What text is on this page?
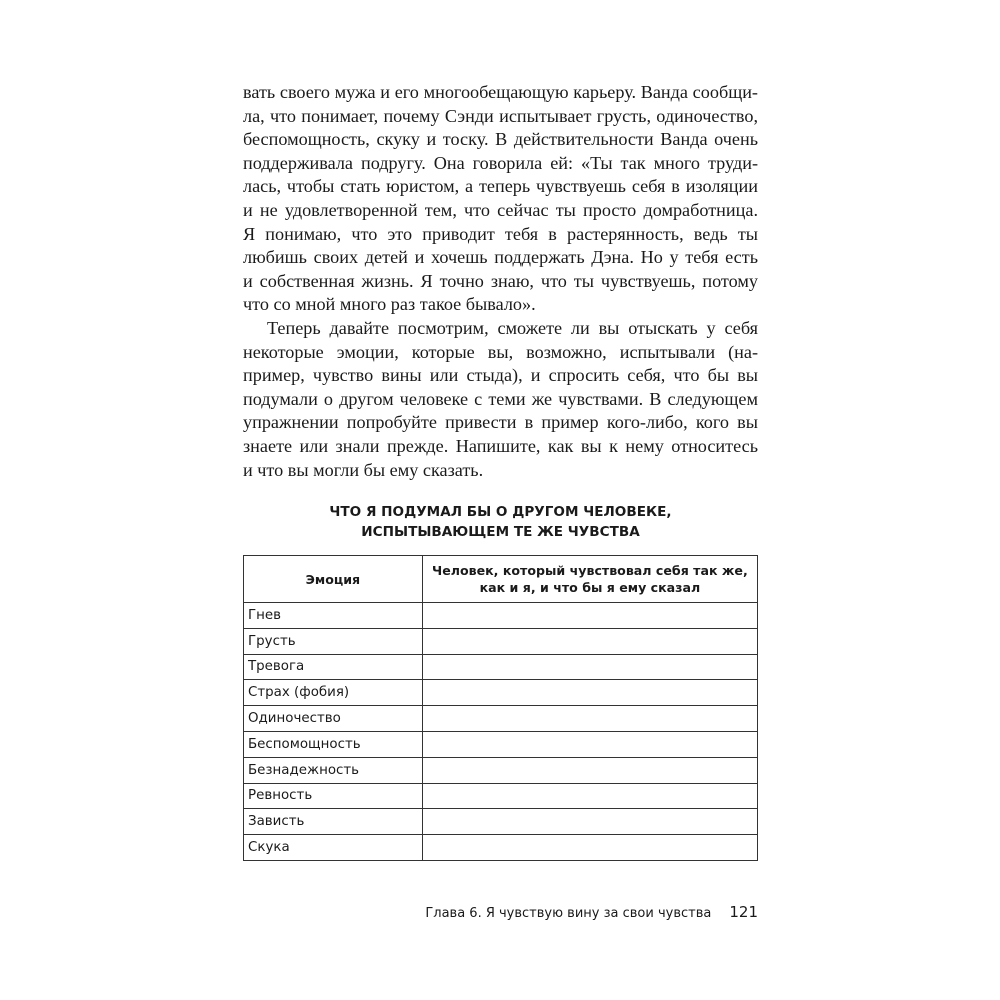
вать своего мужа и его многообещающую карьеру. Ванда сообщи-
ла, что понимает, почему Сэнди испытывает грусть, одиночество,
беспомощность, скуку и тоску. В действительности Ванда очень
поддерживала подругу. Она говорила ей: «Ты так много труди-
лась, чтобы стать юристом, а теперь чувствуешь себя в изоляции
и не удовлетворенной тем, что сейчас ты просто домработница.
Я понимаю, что это приводит тебя в растерянность, ведь ты
любишь своих детей и хочешь поддержать Дэна. Но у тебя есть
и собственная жизнь. Я точно знаю, что ты чувствуешь, потому
что со мной много раз такое бывало».
Теперь давайте посмотрим, сможете ли вы отыскать у себя
некоторые эмоции, которые вы, возможно, испытывали (на-
пример, чувство вины или стыда), и спросить себя, что бы вы
подумали о другом человеке с теми же чувствами. В следующем
упражнении попробуйте привести в пример кого-либо, кого вы
знаете или знали прежде. Напишите, как вы к нему относитесь
и что вы могли бы ему сказать.
ЧТО Я ПОДУМАЛ БЫ О ДРУГОМ ЧЕЛОВЕКЕ,
ИСПЫТЫВАЮЩЕМ ТЕ ЖЕ ЧУВСТВА
Эмоция	Человек, который чувствовал себя так же,
как и я, и что бы я ему сказал
Гнев	
Грусть	
Тревога	
Страх (фобия)	
Одиночество	
Беспомощность	
Безнадежность	
Ревность	
Зависть	
Скука	
Глава 6. Я чувствую вину за свои чувства 121
